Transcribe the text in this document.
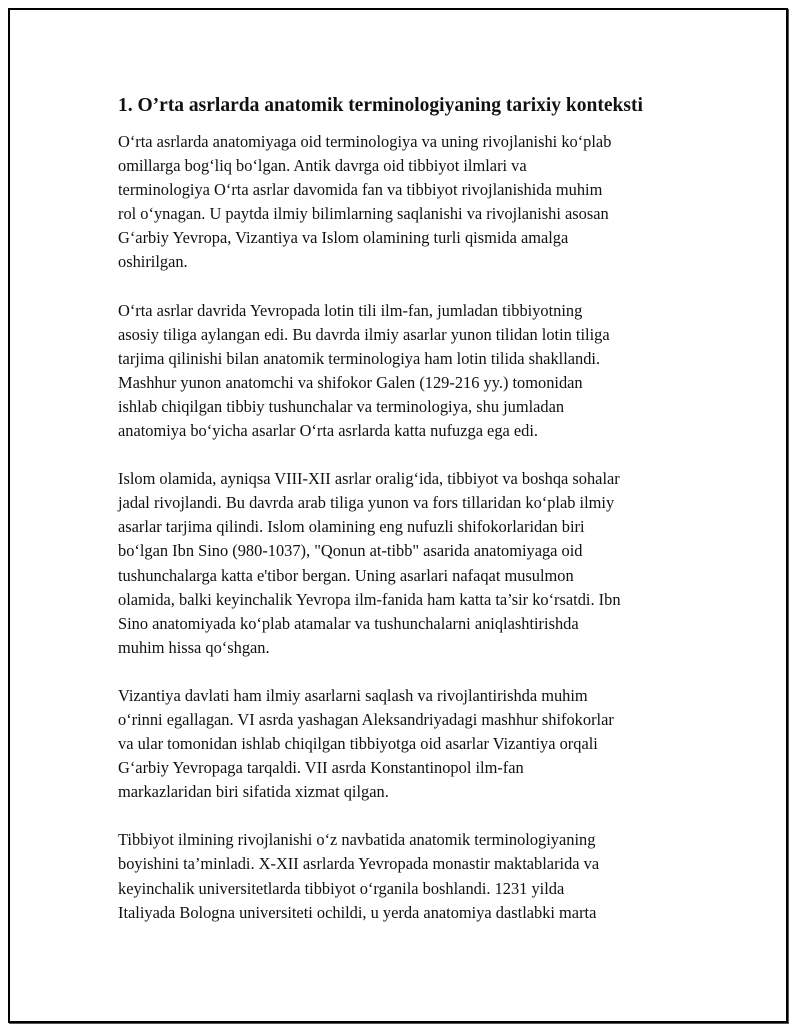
1. O’rta asrlarda anatomik terminologiyaning tarixiy konteksti

O‘rta asrlarda anatomiyaga oid terminologiya va uning rivojlanishi ko‘plab
omillarga bog‘liq bo‘lgan. Antik davrga oid tibbiyot ilmlari va
terminologiya O‘rta asrlar davomida fan va tibbiyot rivojlanishida muhim
rol o‘ynagan. U paytda ilmiy bilimlarning saqlanishi va rivojlanishi asosan
G‘arbiy Yevropa, Vizantiya va Islom olamining turli qismida amalga
oshirilgan.

O‘rta asrlar davrida Yevropada lotin tili ilm-fan, jumladan tibbiyotning
asosiy tiliga aylangan edi. Bu davrda ilmiy asarlar yunon tilidan lotin tiliga
tarjima qilinishi bilan anatomik terminologiya ham lotin tilida shakllandi.
Mashhur yunon anatomchi va shifokor Galen (129-216 yy.) tomonidan
ishlab chiqilgan tibbiy tushunchalar va terminologiya, shu jumladan
anatomiya bo‘yicha asarlar O‘rta asrlarda katta nufuzga ega edi.

Islom olamida, ayniqsa VIII-XII asrlar oralig‘ida, tibbiyot va boshqa sohalar
jadal rivojlandi. Bu davrda arab tiliga yunon va fors tillaridan ko‘plab ilmiy
asarlar tarjima qilindi. Islom olamining eng nufuzli shifokorlaridan biri
bo‘lgan Ibn Sino (980-1037), "Qonun at-tibb" asarida anatomiyaga oid
tushunchalarga katta e'tibor bergan. Uning asarlari nafaqat musulmon
olamida, balki keyinchalik Yevropa ilm-fanida ham katta ta’sir ko‘rsatdi. Ibn
Sino anatomiyada ko‘plab atamalar va tushunchalarni aniqlashtirishda
muhim hissa qo‘shgan.

Vizantiya davlati ham ilmiy asarlarni saqlash va rivojlantirishda muhim
o‘rinni egallagan. VI asrda yashagan Aleksandriyadagi mashhur shifokorlar
va ular tomonidan ishlab chiqilgan tibbiyotga oid asarlar Vizantiya orqali
G‘arbiy Yevropaga tarqaldi. VII asrda Konstantinopol ilm-fan
markazlaridan biri sifatida xizmat qilgan.

Tibbiyot ilmining rivojlanishi o‘z navbatida anatomik terminologiyaning
boyishini ta’minladi. X-XII asrlarda Yevropada monastir maktablarida va
keyinchalik universitetlarda tibbiyot o‘rganila boshlandi. 1231 yilda
Italiyada Bologna universiteti ochildi, u yerda anatomiya dastlabki marta
